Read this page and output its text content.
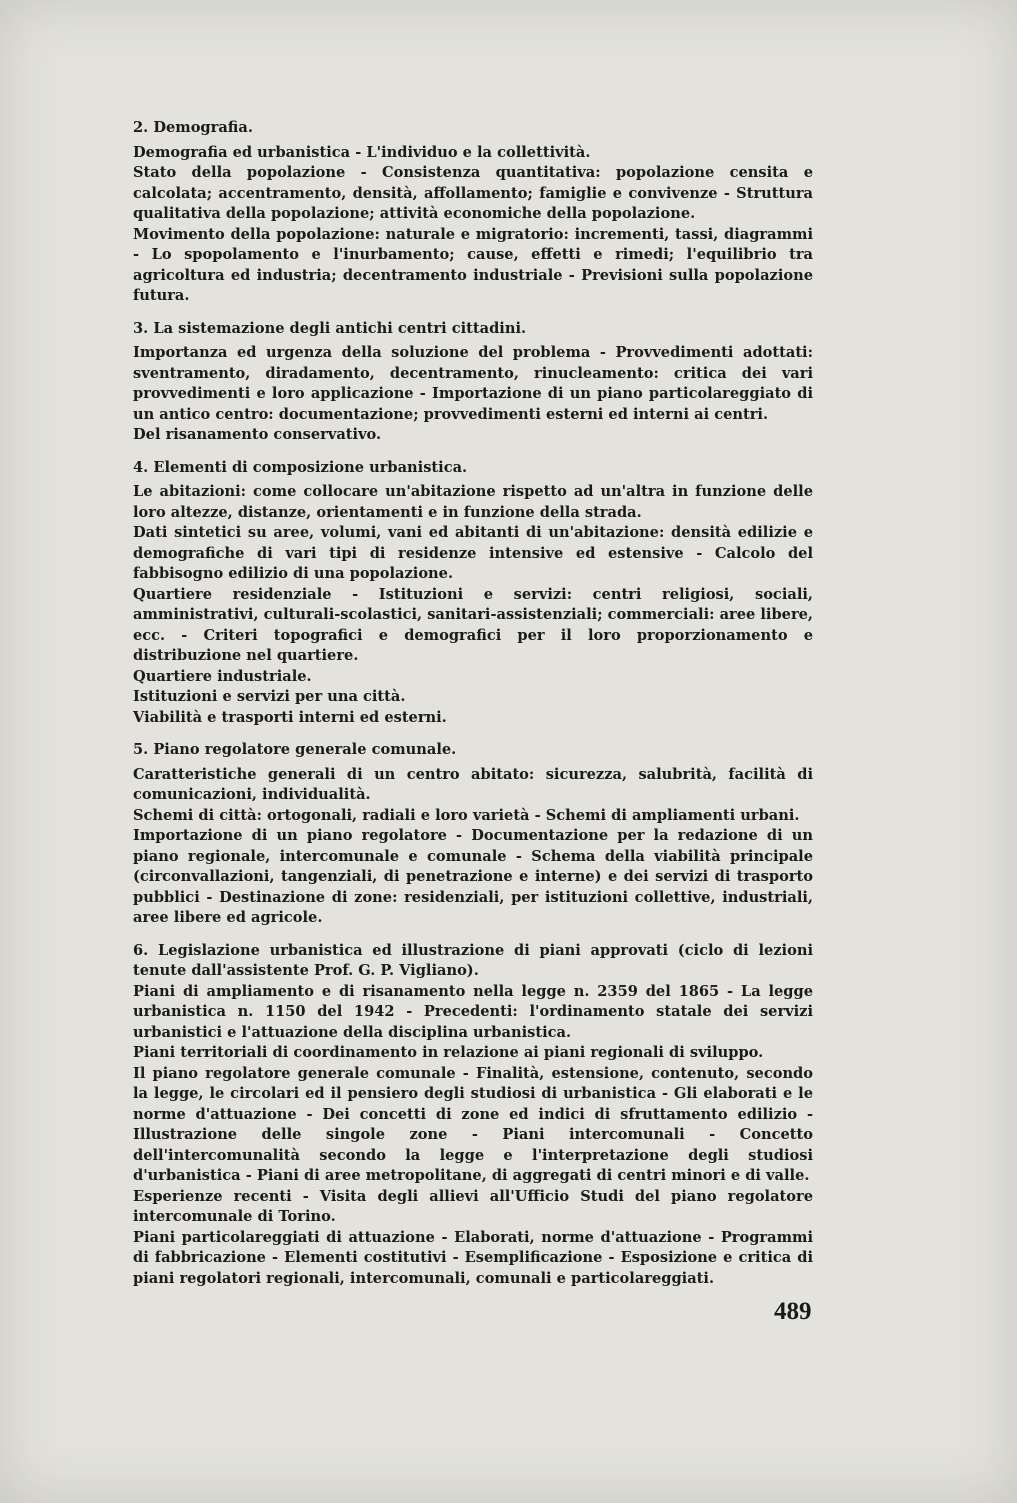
2. Demografia.

Demografia ed urbanistica - L'individuo e la collettività.

Stato della popolazione - Consistenza quantitativa: popolazione censita e calcolata; accentramento, densità, affollamento; famiglie e convivenze - Struttura qualitativa della popolazione; attività economiche della popolazione.

Movimento della popolazione: naturale e migratorio: incrementi, tassi, diagrammi - Lo spopolamento e l'inurbamento; cause, effetti e rimedi; l'equilibrio tra agricoltura ed industria; decentramento industriale - Previsioni sulla popolazione futura.

3. La sistemazione degli antichi centri cittadini.

Importanza ed urgenza della soluzione del problema - Provvedimenti adottati: sventramento, diradamento, decentramento, rinucleamento: critica dei vari provvedimenti e loro applicazione - Importazione di un piano particolareggiato di un antico centro: documentazione; provvedimenti esterni ed interni ai centri.

Del risanamento conservativo.

4. Elementi di composizione urbanistica.

Le abitazioni: come collocare un'abitazione rispetto ad un'altra in funzione delle loro altezze, distanze, orientamenti e in funzione della strada.

Dati sintetici su aree, volumi, vani ed abitanti di un'abitazione: densità edilizie e demografiche di vari tipi di residenze intensive ed estensive - Calcolo del fabbisogno edilizio di una popolazione.

Quartiere residenziale - Istituzioni e servizi: centri religiosi, sociali, amministrativi, culturali-scolastici, sanitari-assistenziali; commerciali: aree libere, ecc. - Criteri topografici e demografici per il loro proporzionamento e distribuzione nel quartiere.

Quartiere industriale.

Istituzioni e servizi per una città.

Viabilità e trasporti interni ed esterni.

5. Piano regolatore generale comunale.

Caratteristiche generali di un centro abitato: sicurezza, salubrità, facilità di comunicazioni, individualità.

Schemi di città: ortogonali, radiali e loro varietà - Schemi di ampliamenti urbani.

Importazione di un piano regolatore - Documentazione per la redazione di un piano regionale, intercomunale e comunale - Schema della viabilità principale (circonvallazioni, tangenziali, di penetrazione e interne) e dei servizi di trasporto pubblici - Destinazione di zone: residenziali, per istituzioni collettive, industriali, aree libere ed agricole.

6. Legislazione urbanistica ed illustrazione di piani approvati (ciclo di lezioni tenute dall'assistente Prof. G. P. Vigliano).

Piani di ampliamento e di risanamento nella legge n. 2359 del 1865 - La legge urbanistica n. 1150 del 1942 - Precedenti: l'ordinamento statale dei servizi urbanistici e l'attuazione della disciplina urbanistica.

Piani territoriali di coordinamento in relazione ai piani regionali di sviluppo.

Il piano regolatore generale comunale - Finalità, estensione, contenuto, secondo la legge, le circolari ed il pensiero degli studiosi di urbanistica - Gli elaborati e le norme d'attuazione - Dei concetti di zone ed indici di sfruttamento edilizio - Illustrazione delle singole zone - Piani intercomunali - Concetto dell'intercomunalità secondo la legge e l'interpretazione degli studiosi d'urbanistica - Piani di aree metropolitane, di aggregati di centri minori e di valle.

Esperienze recenti - Visita degli allievi all'Ufficio Studi del piano regolatore intercomunale di Torino.

Piani particolareggiati di attuazione - Elaborati, norme d'attuazione - Programmi di fabbricazione - Elementi costitutivi - Esemplificazione - Esposizione e critica di piani regolatori regionali, intercomunali, comunali e particolareggiati.

489
